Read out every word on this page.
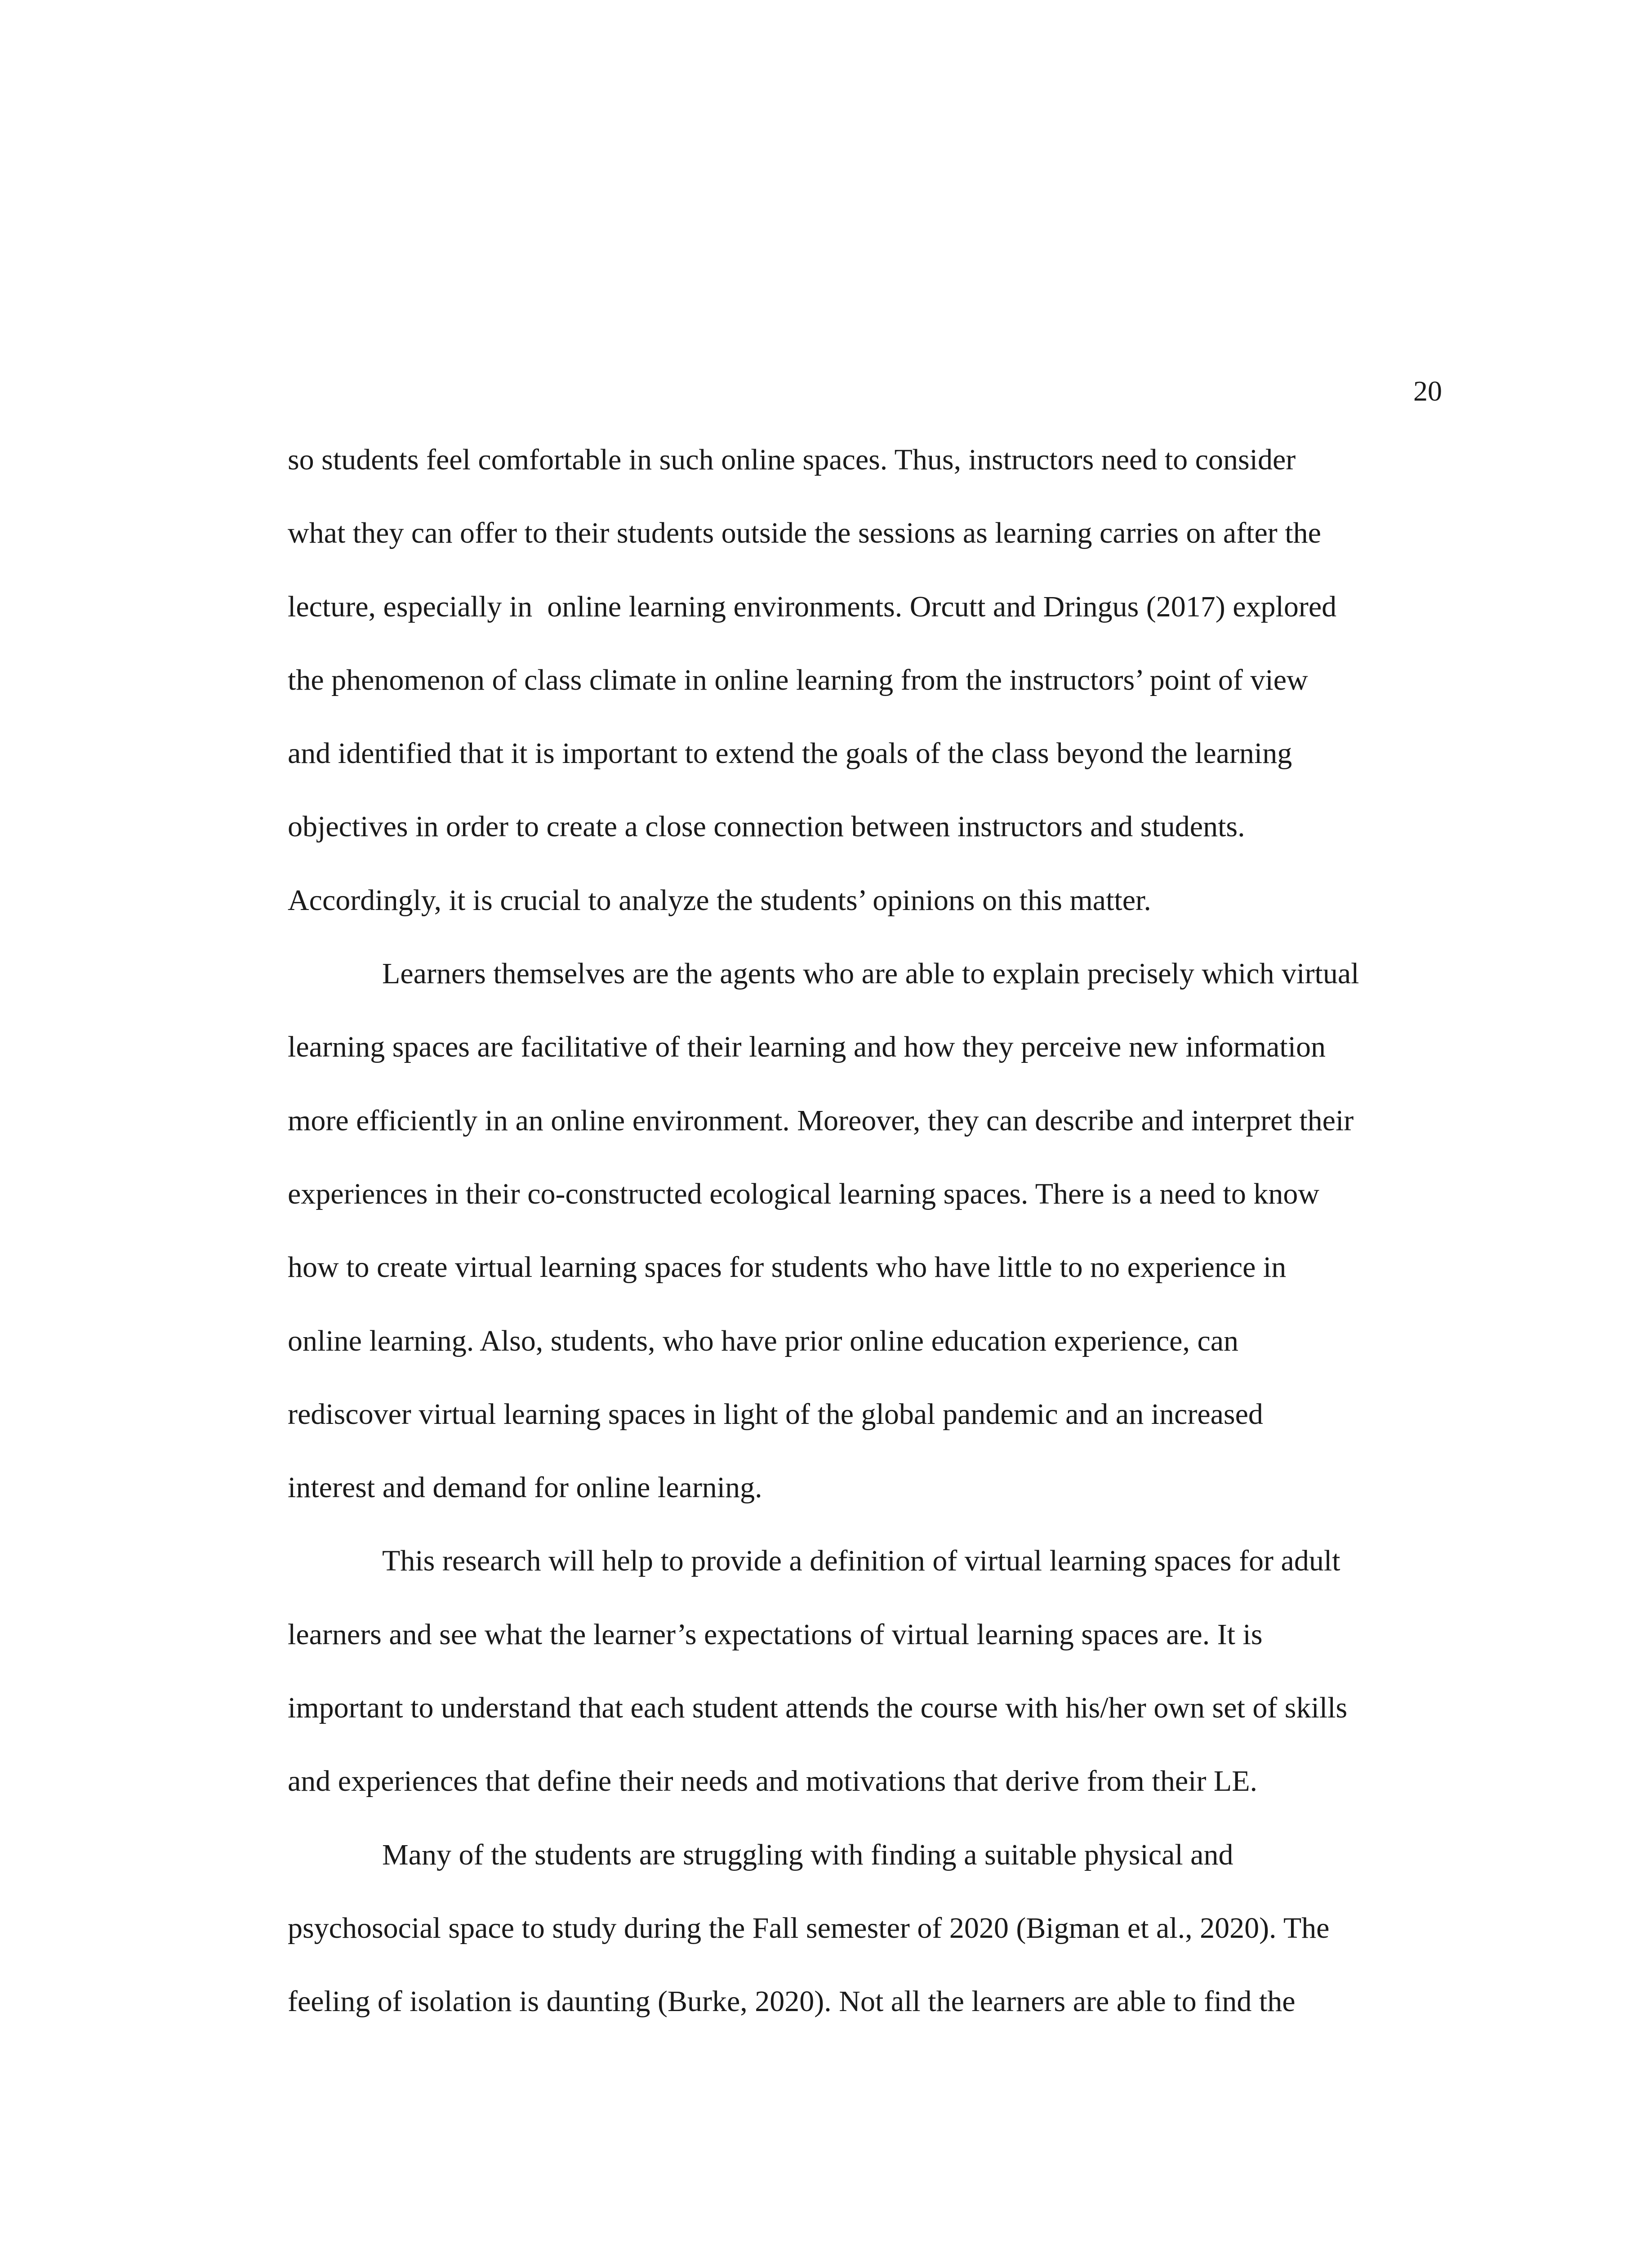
20
so students feel comfortable in such online spaces. Thus, instructors need to consider
what they can offer to their students outside the sessions as learning carries on after the
lecture, especially in  online learning environments. Orcutt and Dringus (2017) explored
the phenomenon of class climate in online learning from the instructors’ point of view
and identified that it is important to extend the goals of the class beyond the learning
objectives in order to create a close connection between instructors and students.
Accordingly, it is crucial to analyze the students’ opinions on this matter.
Learners themselves are the agents who are able to explain precisely which virtual
learning spaces are facilitative of their learning and how they perceive new information
more efficiently in an online environment. Moreover, they can describe and interpret their
experiences in their co-constructed ecological learning spaces. There is a need to know
how to create virtual learning spaces for students who have little to no experience in
online learning. Also, students, who have prior online education experience, can
rediscover virtual learning spaces in light of the global pandemic and an increased
interest and demand for online learning.
This research will help to provide a definition of virtual learning spaces for adult
learners and see what the learner’s expectations of virtual learning spaces are. It is
important to understand that each student attends the course with his/her own set of skills
and experiences that define their needs and motivations that derive from their LE.
Many of the students are struggling with finding a suitable physical and
psychosocial space to study during the Fall semester of 2020 (Bigman et al., 2020). The
feeling of isolation is daunting (Burke, 2020). Not all the learners are able to find the
